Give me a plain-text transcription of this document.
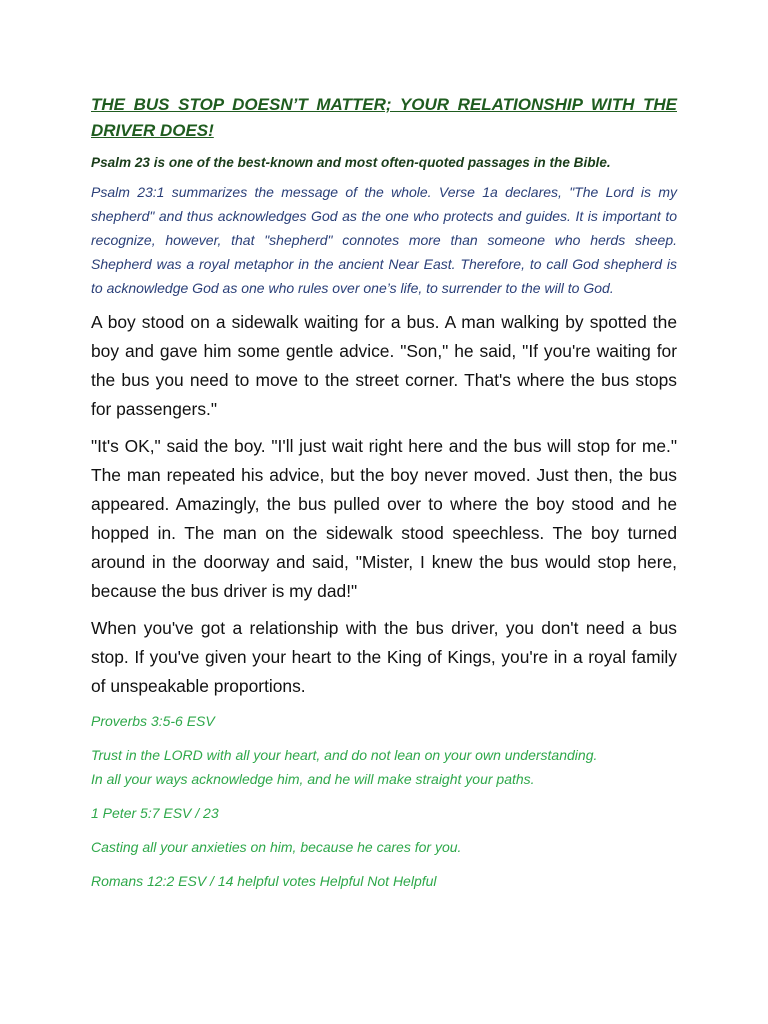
THE BUS STOP DOESN’T MATTER; YOUR RELATIONSHIP WITH THE DRIVER DOES!

Psalm 23 is one of the best-known and most often-quoted passages in the Bible.

Psalm 23:1 summarizes the message of the whole. Verse 1a declares, "The Lord is my shepherd" and thus acknowledges God as the one who protects and guides. It is important to recognize, however, that "shepherd" connotes more than someone who herds sheep. Shepherd was a royal metaphor in the ancient Near East. Therefore, to call God shepherd is to acknowledge God as one who rules over one’s life, to surrender to the will to God.

A boy stood on a sidewalk waiting for a bus. A man walking by spotted the boy and gave him some gentle advice. "Son," he said, "If you're waiting for the bus you need to move to the street corner. That's where the bus stops for passengers."

"It's OK," said the boy. "I'll just wait right here and the bus will stop for me." The man repeated his advice, but the boy never moved. Just then, the bus appeared. Amazingly, the bus pulled over to where the boy stood and he hopped in. The man on the sidewalk stood speechless. The boy turned around in the doorway and said, "Mister, I knew the bus would stop here, because the bus driver is my dad!"

When you've got a relationship with the bus driver, you don't need a bus stop. If you've given your heart to the King of Kings, you're in a royal family of unspeakable proportions.

Proverbs 3:5-6 ESV

Trust in the LORD with all your heart, and do not lean on your own understanding.
In all your ways acknowledge him, and he will make straight your paths.

1 Peter 5:7 ESV / 23

Casting all your anxieties on him, because he cares for you.

Romans 12:2 ESV / 14 helpful votes Helpful Not Helpful
